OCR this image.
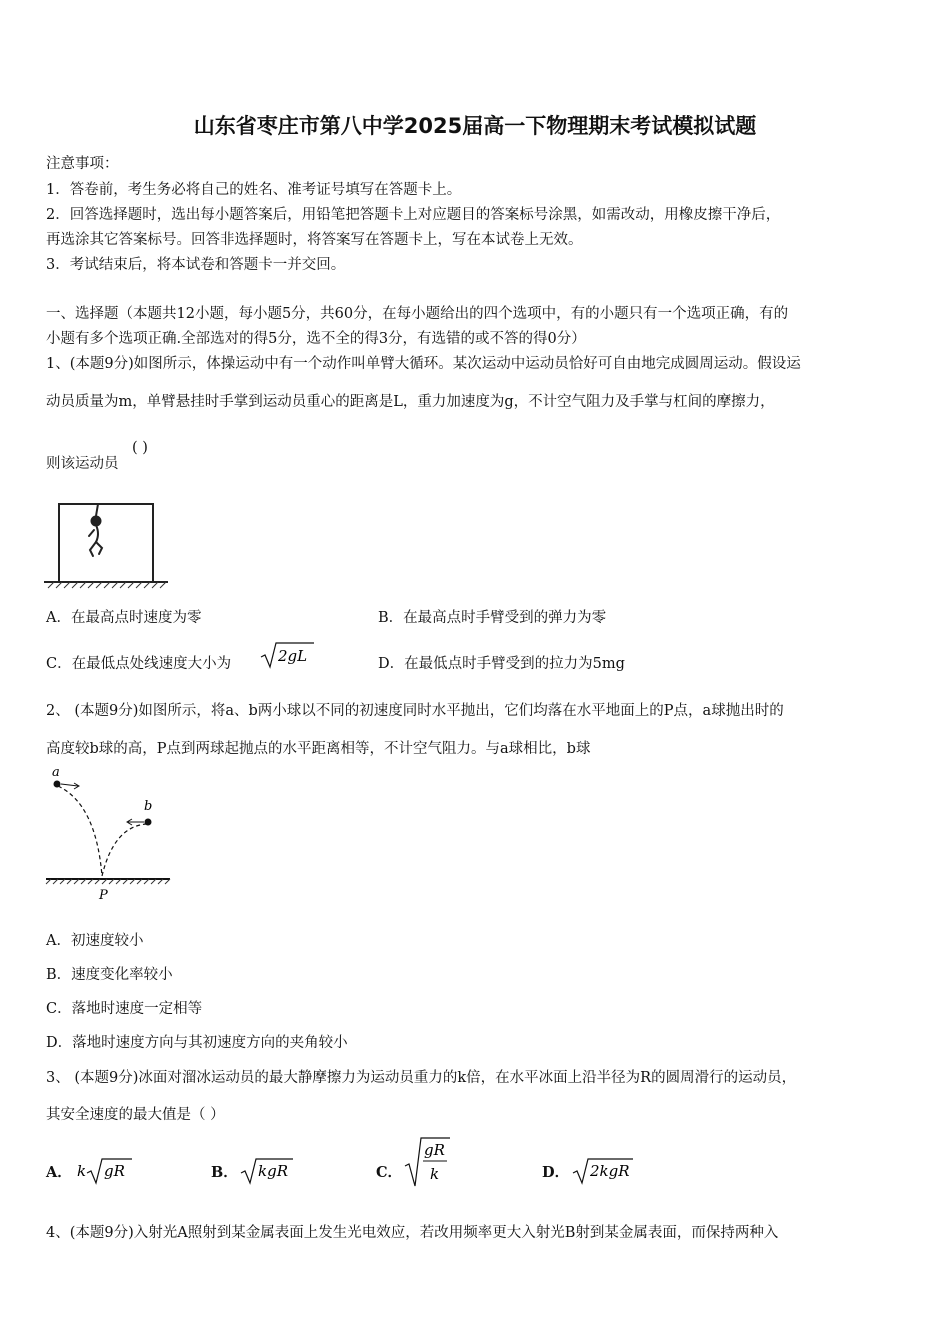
山东省枣庄市第八中学2025届高一下物理期末考试模拟试题
注意事项：
1．答卷前，考生务必将自己的姓名、准考证号填写在答题卡上。
2．回答选择题时，选出每小题答案后，用铅笔把答题卡上对应题目的答案标号涂黑，如需改动，用橡皮擦干净后，
再选涂其它答案标号。回答非选择题时，将答案写在答题卡上，写在本试卷上无效。
3．考试结束后，将本试卷和答题卡一并交回。
一、选择题（本题共12小题，每小题5分，共60分，在每小题给出的四个选项中，有的小题只有一个选项正确，有的
小题有多个选项正确.全部选对的得5分，选不全的得3分，有选错的或不答的得0分）
1、(本题9分)如图所示，体操运动中有一个动作叫单臂大循环。某次运动中运动员恰好可自由地完成圆周运动。假设运
动员质量为m，单臂悬挂时手掌到运动员重心的距离是L，重力加速度为g，不计空气阻力及手掌与杠间的摩擦力，
则该运动员
( )
A．在最高点时速度为零	B．在最高点时手臂受到的弹力为零
C．在最低点处线速度大小为	2gL	D．在最低点时手臂受到的拉力为5mg
2、 (本题9分)如图所示，将a、b两小球以不同的初速度同时水平抛出，它们均落在水平地面上的P点，a球抛出时的
高度较b球的高，P点到两球起抛点的水平距离相等，不计空气阻力。与a球相比，b球
a
b
P
A．初速度较小
B．速度变化率较小
C．落地时速度一定相等
D．落地时速度方向与其初速度方向的夹角较小
3、 (本题9分)冰面对溜冰运动员的最大静摩擦力为运动员重力的k倍，在水平冰面上沿半径为R的圆周滑行的运动员，
其安全速度的最大值是（ ）
A． k gR	B． kgR	C．
gR
k	D． 2kgR
4、(本题9分)入射光A照射到某金属表面上发生光电效应，若改用频率更大入射光B射到某金属表面，而保持两种入
